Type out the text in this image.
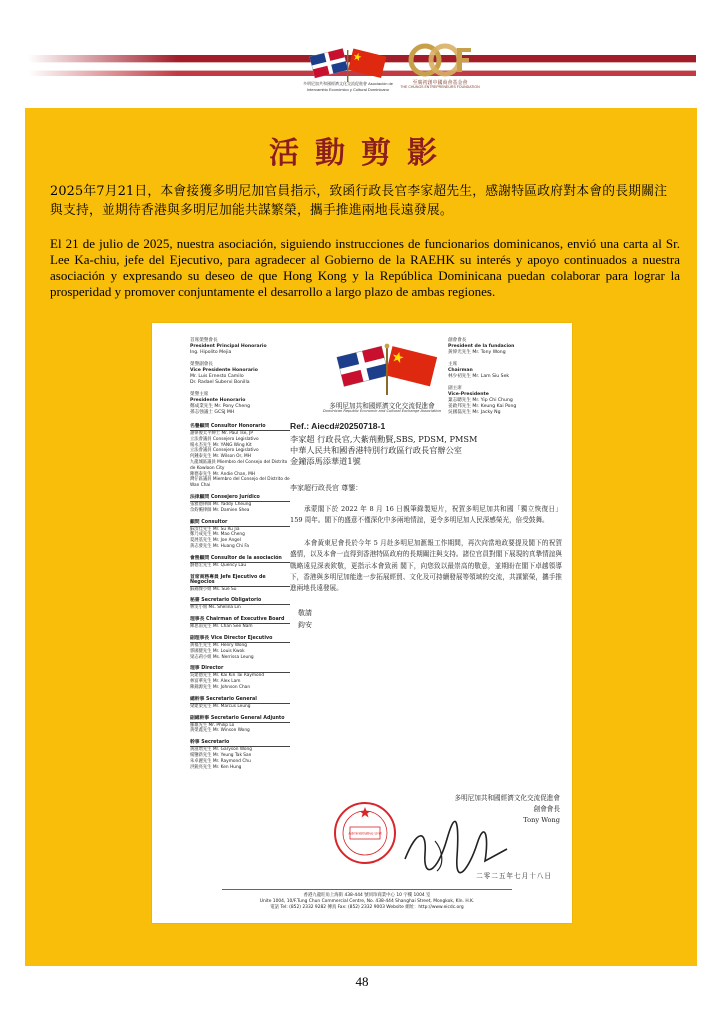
多明尼加共和國經濟文化交流促進會 Asociación de Intercambio Económico y Cultural Dominicano
至廣初創中國商會基金會
THE CHUNGS ENTREPRENEURS FOUNDATION
活動剪影
2025年7月21日，本會接獲多明尼加官員指示，致函行政長官李家超先生，感謝特區政府對本會的長期關注與支持，並期待香港與多明尼加能共謀繁榮，攜手推進兩地長遠發展。
El 21 de julio de 2025, nuestra asociación, siguiendo instrucciones de funcionarios dominicanos, envió una carta al Sr. Lee Ka-chiu, jefe del Ejecutivo, para agradecer al Gobierno de la RAEHK su interés y apoyo continuados a nuestra asociación y expresando su deseo de que Hong Kong y la República Dominicana puedan colaborar para lograr la prosperidad y promover conjuntamente el desarrollo a largo plazo de ambas regiones.
首席榮譽會長
President Principal Honorario
Ing. Hipolito Mejia
榮譽副會長
Vice Presidente Honorario
Mr. Luis Ernesto Camilo
Dr. Radael Subervi Bonilla
榮譽主席
Presidente Honorario
鄭成業先生 Mr. Pony Cheng
孫志強議士 GCSJ MH
多明尼加共和國經濟文化交流促進會
Dominican Republic Economic and Cultural Exchange Association
創會會長
President de la fundacion
黃偉光先生 Mr. Tony Wong
主席
Chairman
林少初先生 Mr. Lam Siu Sek
副主席
Vice-Presidente
葉志聰先生 Mr. Yip Chi Chung
姜啟邦先生 Mr. Keung Kai Pong
吳國磊先生 Mr. Jacky Ng
名譽顧問 Consultor Honorario
謝偉俊太平紳士 Mr. Paul Tse, JP
立法會議員 Consejero Legislativo
楊永杰先生 Mr. YANG Wing Kit
立法會議員 Consejero Legislativo
何鍾泰先生 Mr. Wilson Or, MH
九龍城區議員 Miembro del Consejo del Distrito de Kowloon City
陳德泰先生 Mr. Andie Chan, MH
灣仔區議員 Miembro del Consejo del Distrito de Wan Chai
法律顧問 Consejero Jurídico
張雅德律師 Mr. Yaddy Cheung
佘鈞蘅律師 Mr. Damien Shea
顧問 Consultor
蘇汝佳先生 Mr. Su Ru Jia
鄭乃成先生 Mr. Mao Cheng
夏展基先生 Mr. Joe Angel
黃志發先生 Mr. Huang Chi Fa
會務顧問 Consultor de la asociación
劉德宏先生 Mr. Quency Lau
首席商務專員 Jefe Ejecutivo de Negocios
蘇錦傑小姐 Ms. Sue Su
秘書 Secretario Obligatorio
林雯小姐 Ms. Shelina Lin
理事長 Chairman of Executive Board
陳思南先生 Mr. Chan See Nam
副理事長 Vice Director Ejecutivo
黃福生先生 Mr. Henry Wong
郭國健先生 Mr. Louis Kwok
梁志莉小姐 Ms. Nerrissa Leung
理事 Director
吳建德先生 Mr. Kai Kin Tai Raymond
林富華先生 Mr. Alex Lam
陳錦源先生 Mr. Johnson Chan
總幹事 Secretario General
梁建榮先生 Mr. Marcus Leung
副總幹事 Secretario General Adjunto
羅雄先生 Mr. Philip Lo
黃榮鑫先生 Mr. Winson Wong
幹事 Secretario
黃滋增先生 Mr. Garyson Wong
楊鑒新先生 Mr. Yeung Tak San
朱卓麗先生 Mr. Raymond Chu
洪鋭亮先生 Mr. Ken Hung
Ref.: Aiecd#20250718-1
李家超 行政長官,大紫荊勳賢,SBS, PDSM, PMSM
中華人民共和國香港特別行政區行政長官辦公室
金鐘添馬添華道1號
李家超行政長官 尊鑒：
承蒙閣下於 2022 年 8 月 16 日親筆錄製短片，祝賀多明尼加共和國「獨立恢復日」159 周年。閣下的盛意不僅深化中多兩地情誼，更令多明尼加人民深感榮光，倍受鼓舞。
本會黃東尼會長於今年 5 月赴多明尼加滙報工作期間，再次向當地政要提及閣下的祝賀盛情，以及本會一直得到香港特區政府的長期關注與支持。諸位官員對閣下展現的真摯情誼與戰略遠見深表欽敬，更指示本會致函 閣下，向您致以最崇高的敬意，並期盼在閣下卓越領導下，香港與多明尼加能進一步拓展經貿、文化及可持續發展等領域的交流，共謀繁榮，攜手推進兩地長遠發展。
敬請
鈞安
Administrative Unit
多明尼加共和國經濟文化交流促進會
創會會長
Tony Wong
二零二五年七月十八日
香港九龍旺角上海街 438-444 號同珍商業中心 10 字樓 1004 室
Unite 1004, 10/F.Tung Chun Commercial Centre, No. 438-444 Shanghai Street, Mongkok, Kln. H.K.
電話 Tel: (852) 2332 9282 傳真 Fax: (852) 2332 9003 Website 網址：http://www.eicdc.org
48
